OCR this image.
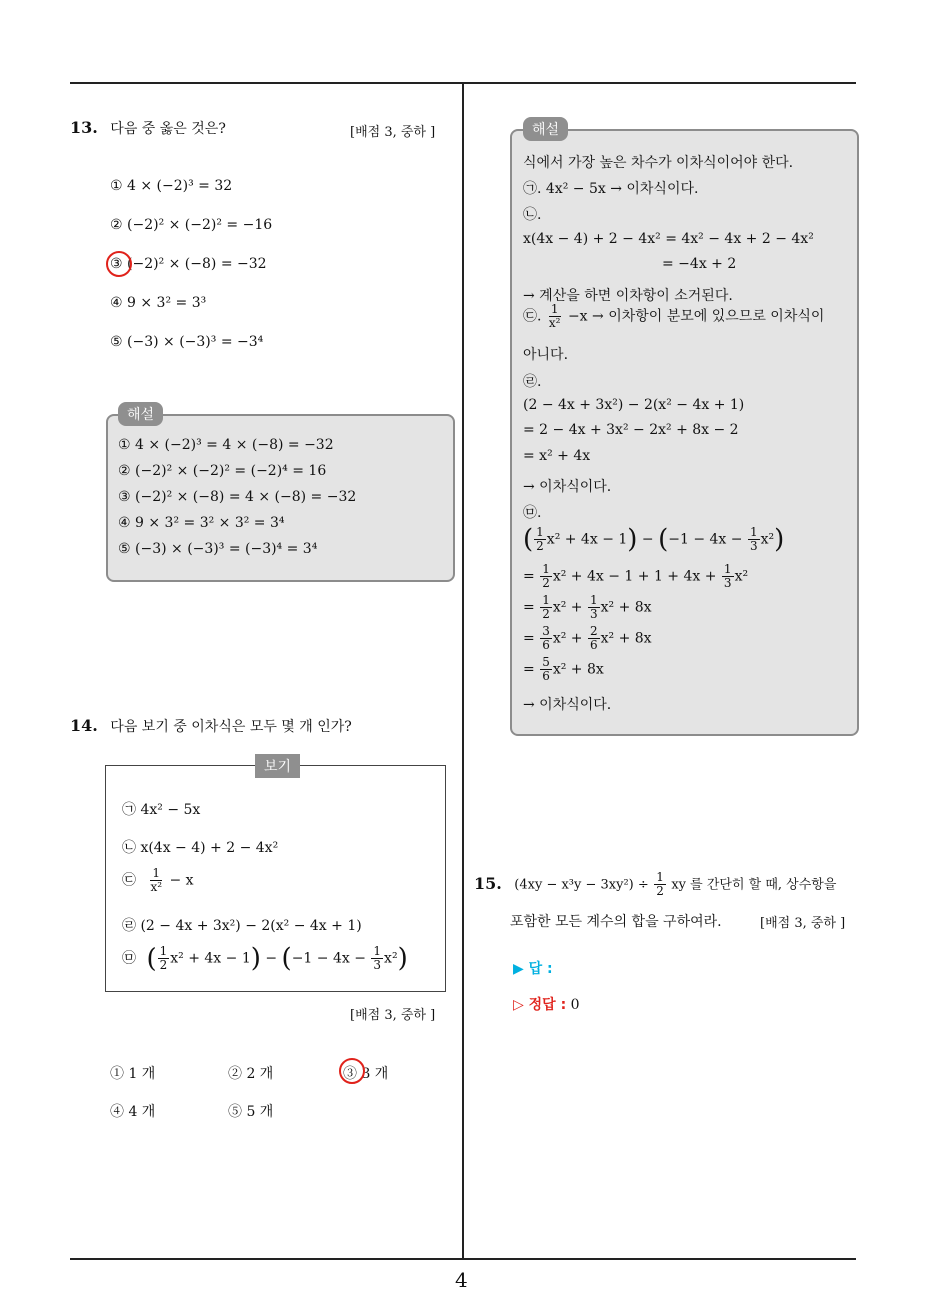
13. 다음 중 옳은 것은?	[배점 3, 중하 ]
① 4 × (−2)³ = 32
② (−2)² × (−2)² = −16
③ (−2)² × (−8) = −32
④ 9 × 3² = 3³
⑤ (−3) × (−3)³ = −3⁴
해설
① 4 × (−2)³ = 4 × (−8) = −32
② (−2)² × (−2)² = (−2)⁴ = 16
③ (−2)² × (−8) = 4 × (−8) = −32
④ 9 × 3² = 3² × 3² = 3⁴
⑤ (−3) × (−3)³ = (−3)⁴ = 3⁴
14. 다음 보기 중 이차식은 모두 몇 개 인가?
보기
㉠ 4x² − 5x
㉡ x(4x − 4) + 2 − 4x²
㉢ $\frac{1}{\text{x²}} - x$
㉣ (2 − 4x + 3x²) − 2(x² − 4x + 1)
㉤ ( $\frac{1}{2} x^2 + 4x - 1) - (-1 - 4x - \frac{1}{3} x^2)$
[배점 3, 중하 ]
① 1 개	② 2 개	③ 3 개
④ 4 개	⑤ 5 개
해설
식에서 가장 높은 차수가 이차식이어야 한다.
㉠. 4x² − 5x → 이차식이다.
㉡.
x(4x − 4) + 2 − 4x² = 4x² − 4x + 2 − 4x²
= −4x + 2
→ 계산을 하면 이차항이 소거된다.
㉢. $\frac{1}{\text{x²}} -x$ → 이차항이 분모에 있으므로 이차식이
아니다.
㉣.
(2 − 4x + 3x²) − 2(x² − 4x + 1)
= 2 − 4x + 3x² − 2x² + 8x − 2
= x² + 4x
→ 이차식이다.
㉤.
( $\frac{1}{2} x^2 + 4x - 1) - (-1 - 4x - \frac{1}{3} x^2)$
= $\frac{1}{2} x^2 + 4x - 1 + 1 + 4x + \frac{1}{3} x^2$
= $\frac{1}{2} x^2 + \frac{1}{3} x^2 + 8x$
= $\frac{3}{6} x^2 + \frac{2}{6} x^2 + 8x$
= $\frac{5}{6} x^2 + 8x$
→ 이차식이다.
15. $(4xy - x^3y - 3xy^2) \div \frac{1}{2}$ xy 를 간단히 할 때, 상수항을
포함한 모든 계수의 합을 구하여라.	[배점 3, 중하 ]
▶ 답 :
▷ 정답 : 0
4
